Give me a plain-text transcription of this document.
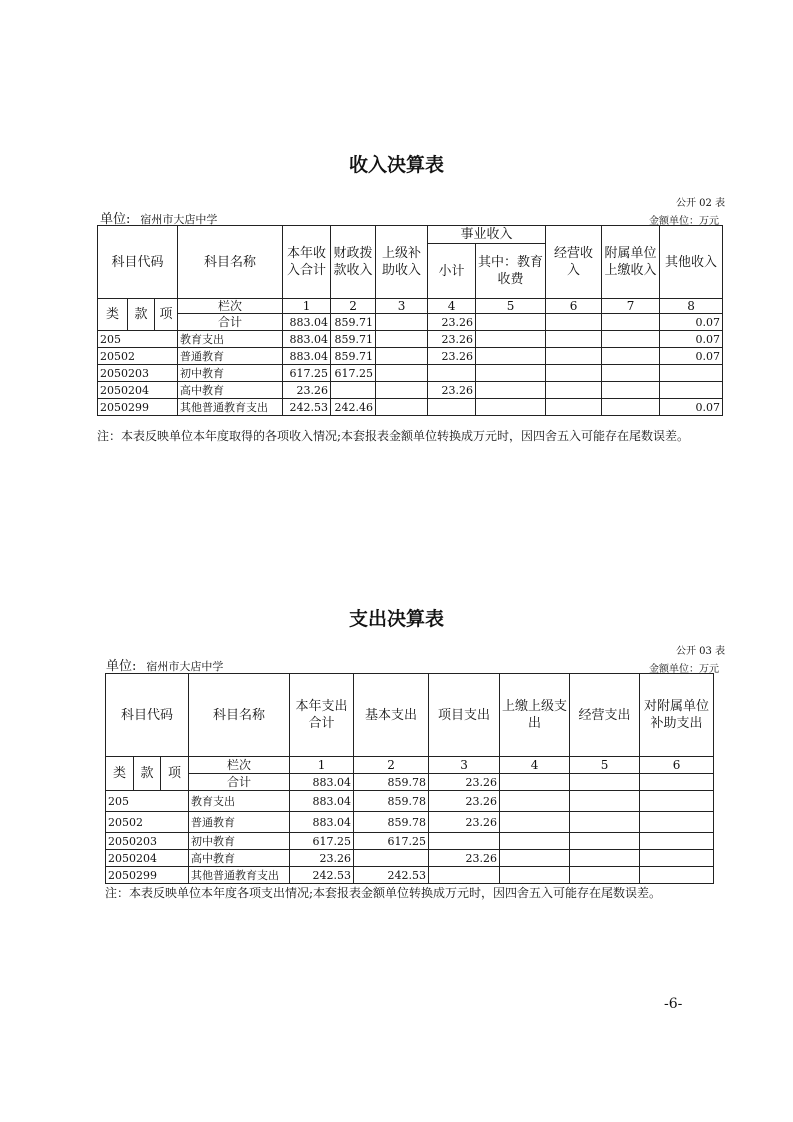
收入决算表
公开 02 表
单位: 宿州市大店中学	金额单位：万元
科目代码			科目名称	本年收入合计	财政拨款收入	上级补助收入	事业收入		经营收入	附属单位上缴收入	其他收入
							小计	其中：教育收费			

类	款	项	栏次	1	2	3	4	5	6	7	8
			合计	883.04	859.71		23.26				0.07
205			教育支出	883.04	859.71		23.26				0.07
20502			普通教育	883.04	859.71		23.26				0.07
2050203			初中教育	617.25	617.25						
2050204			高中教育	23.26			23.26				
2050299			其他普通教育支出	242.53	242.46						0.07
注：本表反映单位本年度取得的各项收入情况;本套报表金额单位转换成万元时，因四舍五入可能存在尾数误差。
支出决算表
公开 03 表
单位: 宿州市大店中学	金额单位：万元
科目代码			科目名称	本年支出合计	基本支出	项目支出	上缴上级支出	经营支出	对附属单位补助支出
类	款	项	栏次	1	2	3	4	5	6
			合计	883.04	859.78	23.26			
205			教育支出	883.04	859.78	23.26			
20502			普通教育	883.04	859.78	23.26			
2050203			初中教育	617.25	617.25				
2050204			高中教育	23.26		23.26			
2050299			其他普通教育支出	242.53	242.53				
注：本表反映单位本年度各项支出情况;本套报表金额单位转换成万元时，因四舍五入可能存在尾数误差。
-6-
